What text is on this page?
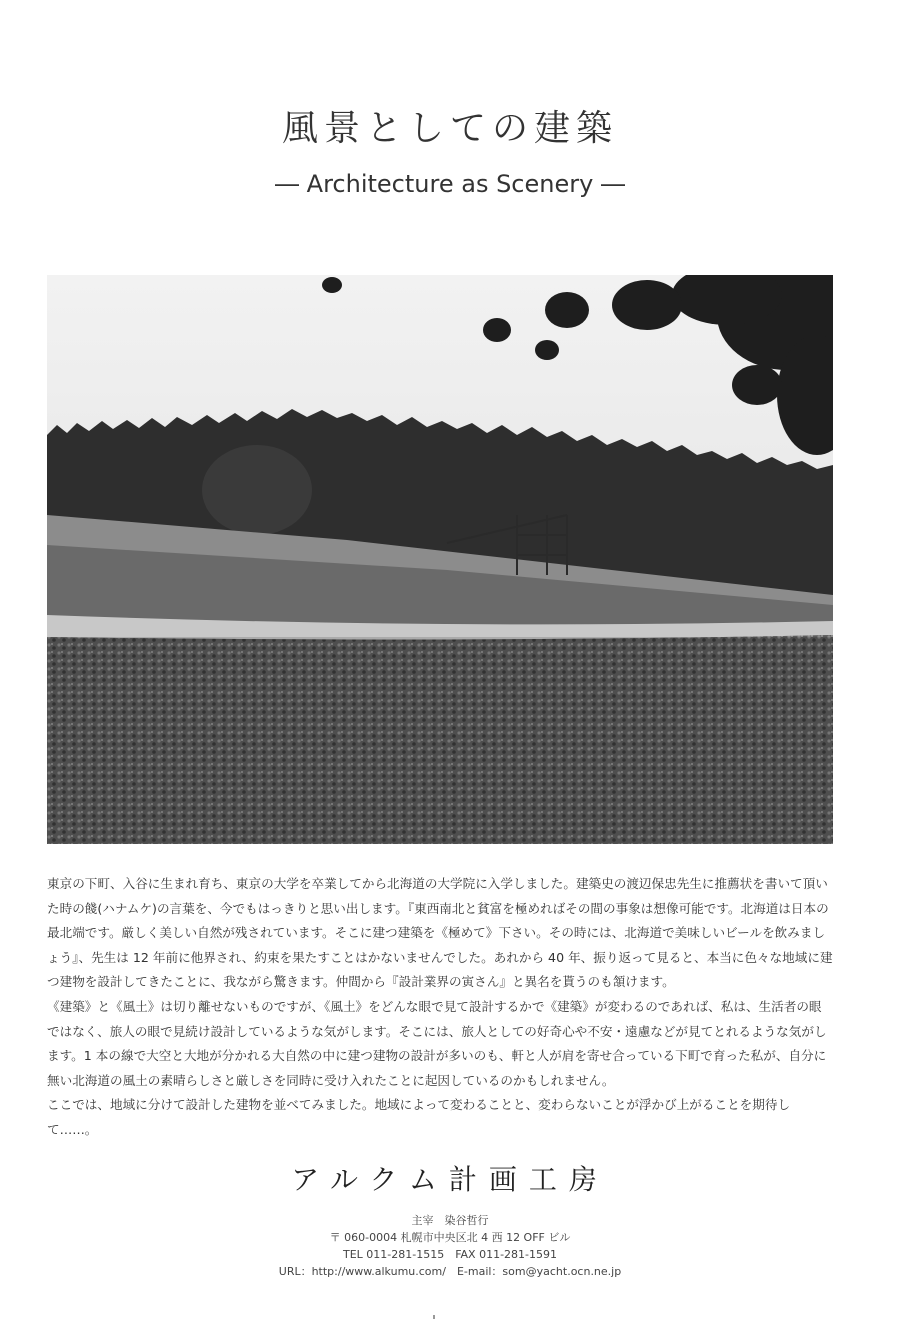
風景としての建築
― Architecture as Scenery ―

東京の下町、入谷に生まれ育ち、東京の大学を卒業してから北海道の大学院に入学しました。建築史の渡辺保忠先生に推薦状を書いて頂いた時の餞(ハナムケ)の言葉を、今でもはっきりと思い出します。『東西南北と貧富を極めればその間の事象は想像可能です。北海道は日本の最北端です。厳しく美しい自然が残されています。そこに建つ建築を《極めて》下さい。その時には、北海道で美味しいビールを飲みましょう』、先生は 12 年前に他界され、約束を果たすことはかないませんでした。あれから 40 年、振り返って見ると、本当に色々な地域に建つ建物を設計してきたことに、我ながら驚きます。仲間から『設計業界の寅さん』と異名を貰うのも頷けます。

《建築》と《風土》は切り離せないものですが、《風土》をどんな眼で見て設計するかで《建築》が変わるのであれば、私は、生活者の眼ではなく、旅人の眼で見続け設計しているような気がします。そこには、旅人としての好奇心や不安・遠慮などが見てとれるような気がします。1 本の線で大空と大地が分かれる大自然の中に建つ建物の設計が多いのも、軒と人が肩を寄せ合っている下町で育った私が、自分に無い北海道の風土の素晴らしさと厳しさを同時に受け入れたことに起因しているのかもしれません。

ここでは、地域に分けて設計した建物を並べてみました。地域によって変わることと、変わらないことが浮かび上がることを期待して……。

アルクム計画工房
主宰　染谷哲行
〒 060-0004 札幌市中央区北 4 西 12 OFF ビル
TEL 011-281-1515　FAX 011-281-1591
URL：http://www.alkumu.com/　E-mail：som@yacht.ocn.ne.jp
